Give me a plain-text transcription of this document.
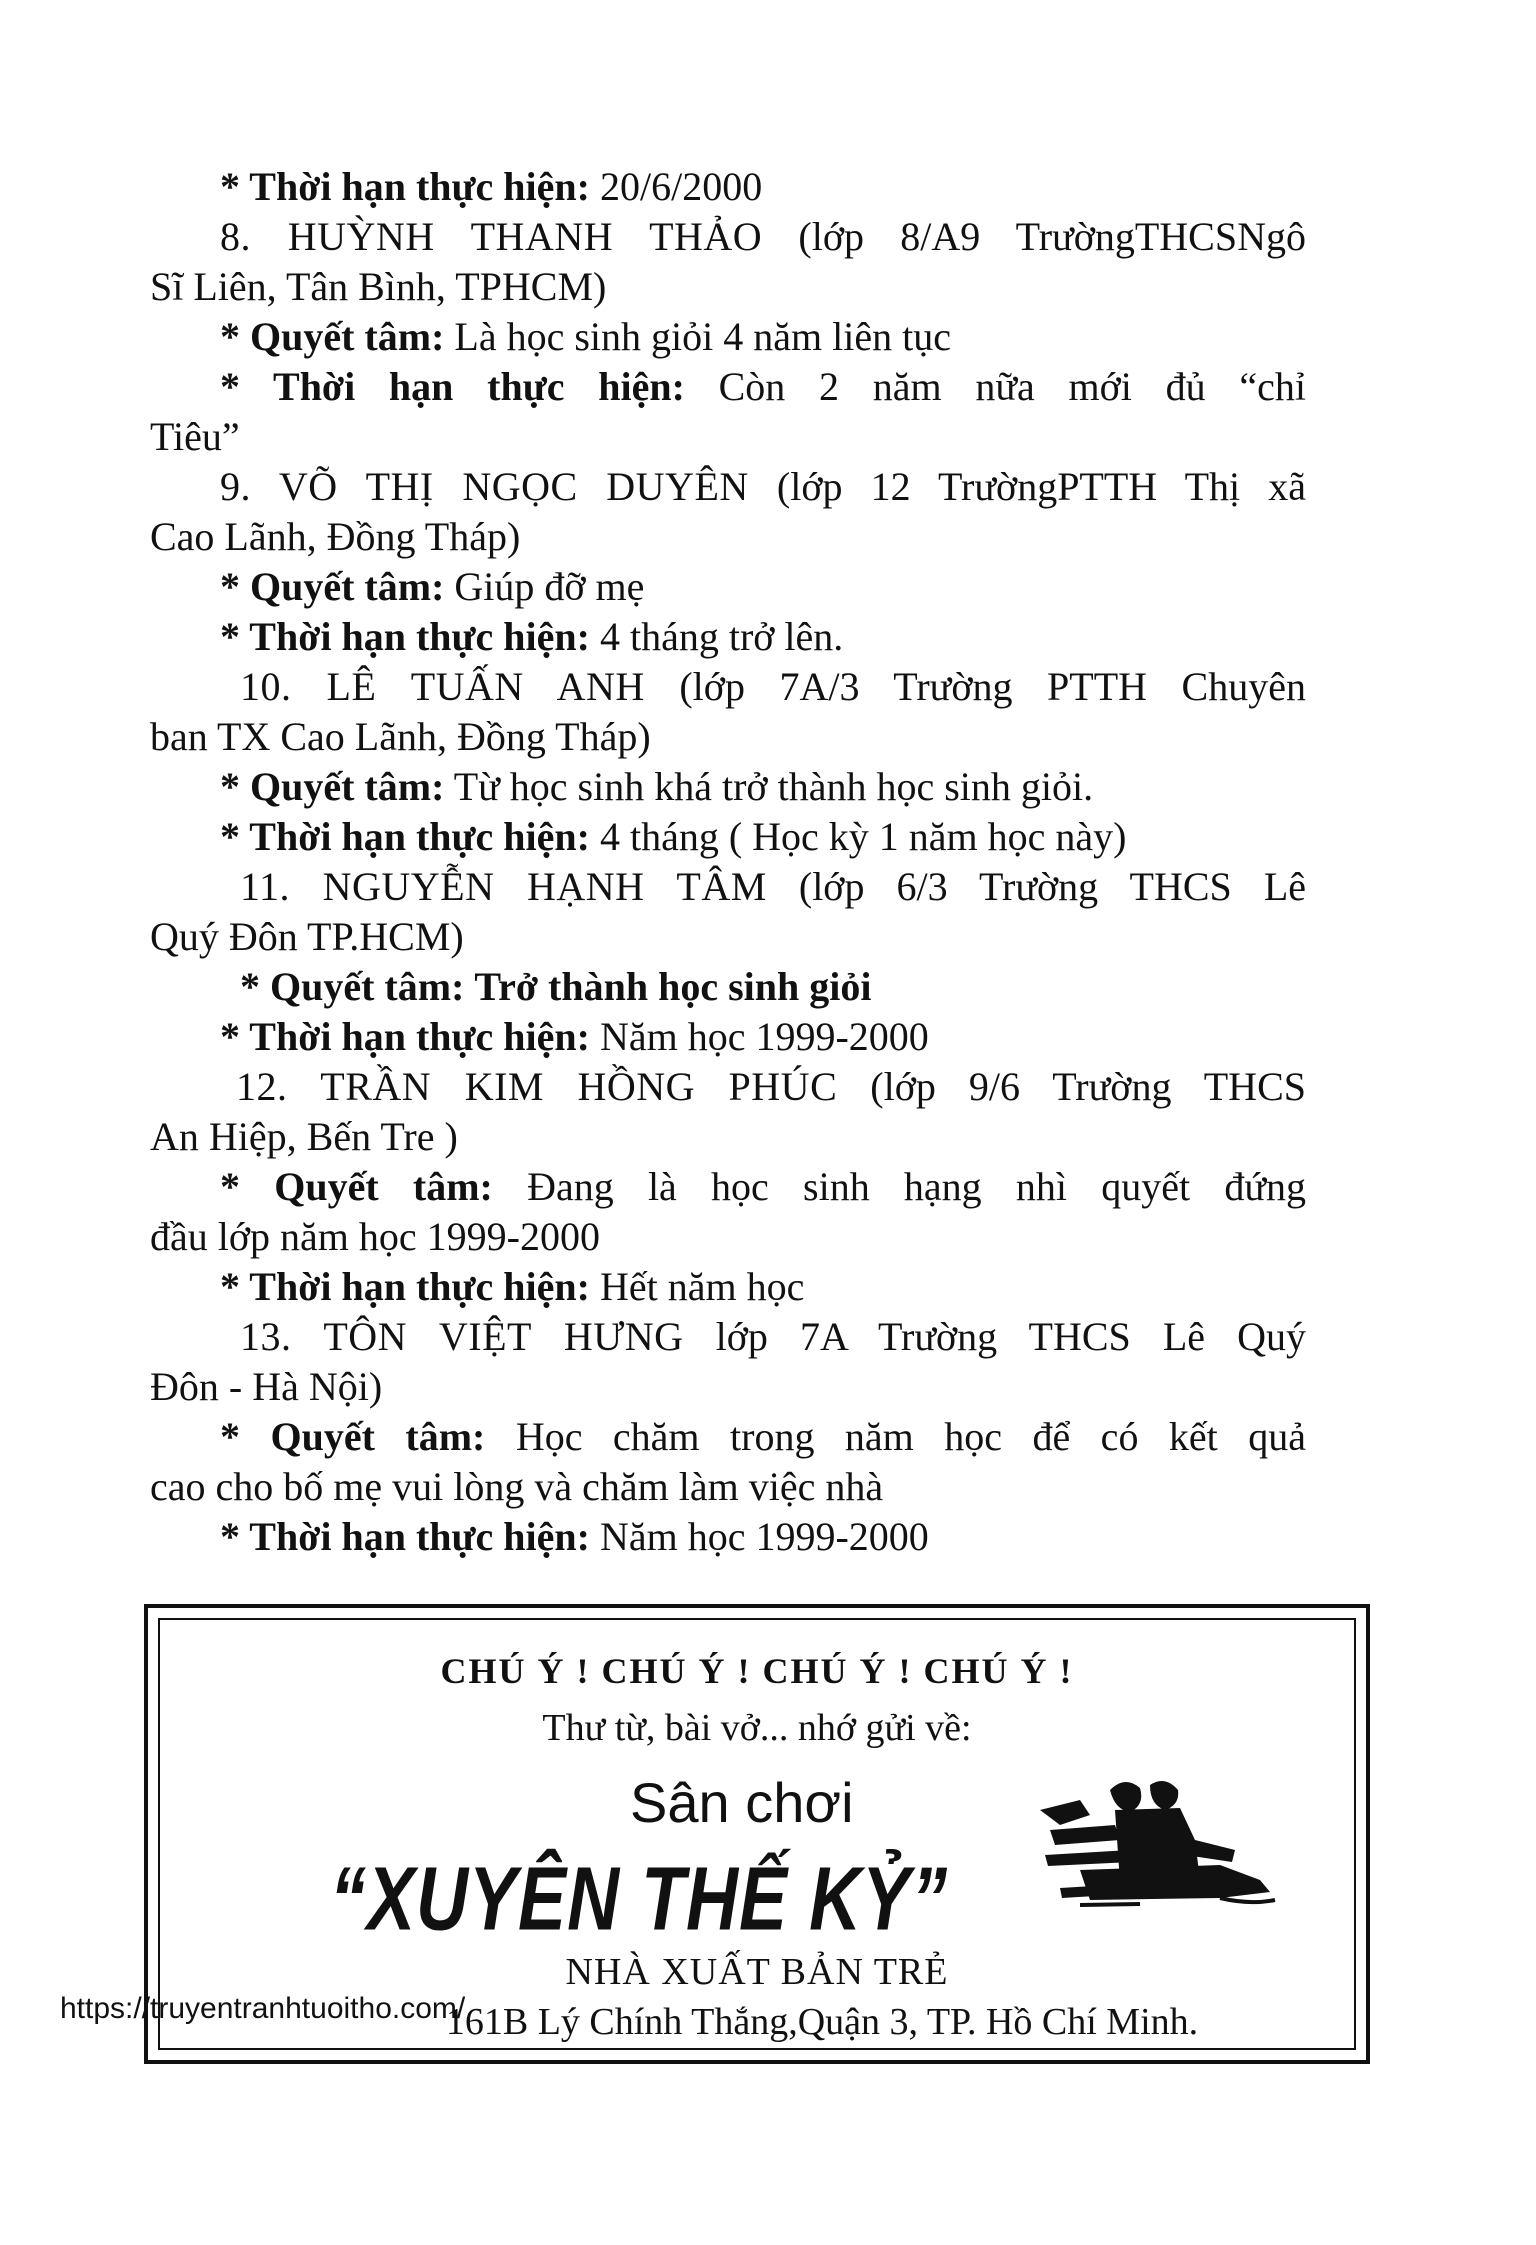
* Thời hạn thực hiện: 20/6/2000
8. HUỲNH THANH THẢO (lớp 8/A9 TrườngTHCSNgô
Sĩ Liên, Tân Bình, TPHCM)
* Quyết tâm: Là học sinh giỏi 4 năm liên tục
* Thời hạn thực hiện: Còn 2 năm nữa mới đủ “chỉ
Tiêu”
9. VÕ THỊ NGỌC DUYÊN (lớp 12 TrườngPTTH Thị xã
Cao Lãnh, Đồng Tháp)
* Quyết tâm: Giúp đỡ mẹ
* Thời hạn thực hiện: 4 tháng trở lên.
10. LÊ TUẤN ANH (lớp 7A/3 Trường PTTH Chuyên
ban TX Cao Lãnh, Đồng Tháp)
* Quyết tâm: Từ học sinh khá trở thành học sinh giỏi.
* Thời hạn thực hiện: 4 tháng ( Học kỳ 1 năm học này)
11. NGUYỄN HẠNH TÂM (lớp 6/3 Trường THCS Lê
Quý Đôn TP.HCM)
* Quyết tâm: Trở thành học sinh giỏi
* Thời hạn thực hiện: Năm học 1999-2000
12. TRẦN KIM HỒNG PHÚC (lớp 9/6 Trường THCS
An Hiệp, Bến Tre )
* Quyết tâm: Đang là học sinh hạng nhì quyết đứng
đầu lớp năm học 1999-2000
* Thời hạn thực hiện: Hết năm học
13. TÔN VIỆT HƯNG lớp 7A Trường THCS Lê Quý
Đôn - Hà Nội)
* Quyết tâm: Học chăm trong năm học để có kết quả
cao cho bố mẹ vui lòng và chăm làm việc nhà
* Thời hạn thực hiện: Năm học 1999-2000
CHÚ Ý ! CHÚ Ý ! CHÚ Ý ! CHÚ Ý !
Thư từ, bài vở... nhớ gửi về:
Sân chơi
“XUYÊN THẾ KỶ”
NHÀ XUẤT BẢN TRẺ
161B Lý Chính Thắng,Quận 3, TP. Hồ Chí Minh.
https://truyentranhtuoitho.com/
